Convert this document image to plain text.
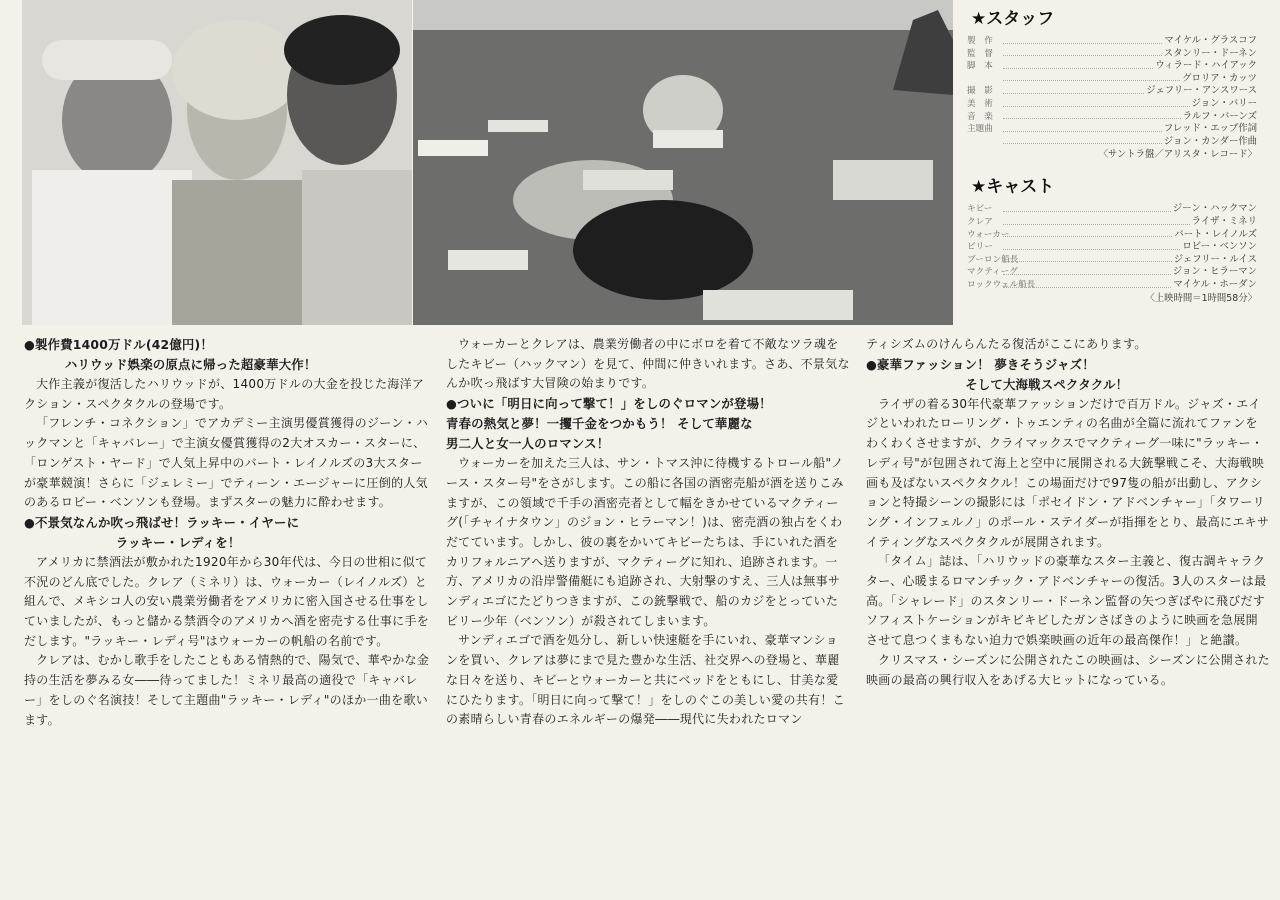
★スタッフ
製　作	マイケル・グラスコフ
監　督	スタンリー・ドーネン
脚　本	ウィラード・ハイアック
グロリア・カッツ
撮　影	ジェフリー・アンスワース
美　術	ジョン・バリー
音　楽	ラルフ・バーンズ
主題曲	フレッド・エッブ作詞
ジョン・カンダー作曲
〈サントラ盤／アリスタ・レコード〉
★キャスト
キビー	ジーン・ハックマン
クレア	ライザ・ミネリ
ウォーカー	バート・レイノルズ
ビリー	ロビー・ベンソン
ブーロン船長	ジェフリー・ルイス
マクティーグ	ジョン・ヒラーマン
ロックウェル船長	マイケル・ホーダン
〈上映時間＝1時間58分〉
●製作費1400万ドル(42億円)！
ハリウッド娯楽の原点に帰った超豪華大作！

大作主義が復活したハリウッドが、1400万ドルの大金を投じた海洋アクション・スペクタクルの登場です。

「フレンチ・コネクション」でアカデミー主演男優賞獲得のジーン・ハックマンと「キャバレー」で主演女優賞獲得の2大オスカー・スターに、「ロンゲスト・ヤード」で人気上昇中のバート・レイノルズの3大スターが豪華競演！さらに「ジェレミー」でティーン・エージャーに圧倒的人気のあるロビー・ベンソンも登場。まずスターの魅力に酔わせます。

●不景気なんか吹っ飛ばせ！ラッキー・イヤーに
ラッキー・レディを！

アメリカに禁酒法が敷かれた1920年から30年代は、今日の世相に似て不況のどん底でした。クレア（ミネリ）は、ウォーカー（レイノルズ）と組んで、メキシコ人の安い農業労働者をアメリカに密入国させる仕事をしていましたが、もっと儲かる禁酒令のアメリカへ酒を密売する仕事に手をだします。"ラッキー・レディ号"はウォーカーの帆船の名前です。

クレアは、むかし歌手をしたこともある情熱的で、陽気で、華やかな金持の生活を夢みる女――待ってました！ミネリ最高の適役で「キャバレー」をしのぐ名演技！そして主題曲"ラッキー・レディ"のほか一曲を歌います。

ウォーカーとクレアは、農業労働者の中にボロを着て不敵なツラ魂をしたキビー（ハックマン）を見て、仲間に仲きいれます。さあ、不景気なんか吹っ飛ばす大冒険の始まりです。

●ついに「明日に向って撃て！」をしのぐロマンが登場！
青春の熱気と夢！一攫千金をつかもう！ そして華麗な
男二人と女一人のロマンス！

ウォーカーを加えた三人は、サン・トマス沖に待機するトロール船"ノース・スター号"をさがします。この船に各国の酒密売船が酒を送りこみますが、この領域で千手の酒密売者として幅をきかせているマクティーグ(「チャイナタウン」のジョン・ヒラーマン！)は、密売酒の独占をくわだてています。しかし、彼の裏をかいてキビーたちは、手にいれた酒をカリフォルニアへ送りますが、マクティーグに知れ、追跡されます。一方、アメリカの沿岸警備艇にも追跡され、大射撃のすえ、三人は無事サンディエゴにたどりつきますが、この銃撃戦で、船のカジをとっていたビリー少年（ベンソン）が殺されてしまいます。

サンディエゴで酒を処分し、新しい快速艇を手にいれ、豪華マンションを買い、クレアは夢にまで見た豊かな生活、社交界への登場と、華麗な日々を送り、キビーとウォーカーと共にベッドをともにし、甘美な愛にひたります。「明日に向って撃て！」をしのぐこの美しい愛の共有！この素晴らしい青春のエネルギーの爆発――現代に失われたロマン

ティシズムのけんらんたる復活がここにあります。

●豪華ファッション！ 夢きそうジャズ！
そして大海戦スペクタクル！

ライザの着る30年代豪華ファッションだけで百万ドル。ジャズ・エイジといわれたローリング・トゥエンティの名曲が全篇に流れてファンをわくわくさせますが、クライマックスでマクティーグ一味に"ラッキー・レディ号"が包囲されて海上と空中に展開される大銃撃戦こそ、大海戦映画も及ばないスペクタクル！この場面だけで97隻の船が出動し、アクションと特撮シーンの撮影には「ポセイドン・アドベンチャー」「タワーリング・インフェルノ」のポール・ステイダーが指揮をとり、最高にエキサイティングなスペクタクルが展開されます。

「タイム」誌は、「ハリウッドの豪華なスター主義と、復古調キャラクター、心暖まるロマンチック・アドベンチャーの復活。3人のスターは最高。「シャレード」のスタンリー・ドーネン監督の矢つぎばやに飛びだすソフィストケーションがキビキビしたガンさばきのように映画を急展開させて息つくまもない迫力で娯楽映画の近年の最高傑作！」と絶讃。

クリスマス・シーズンに公開されたこの映画は、シーズンに公開された映画の最高の興行収入をあげる大ヒットになっている。
